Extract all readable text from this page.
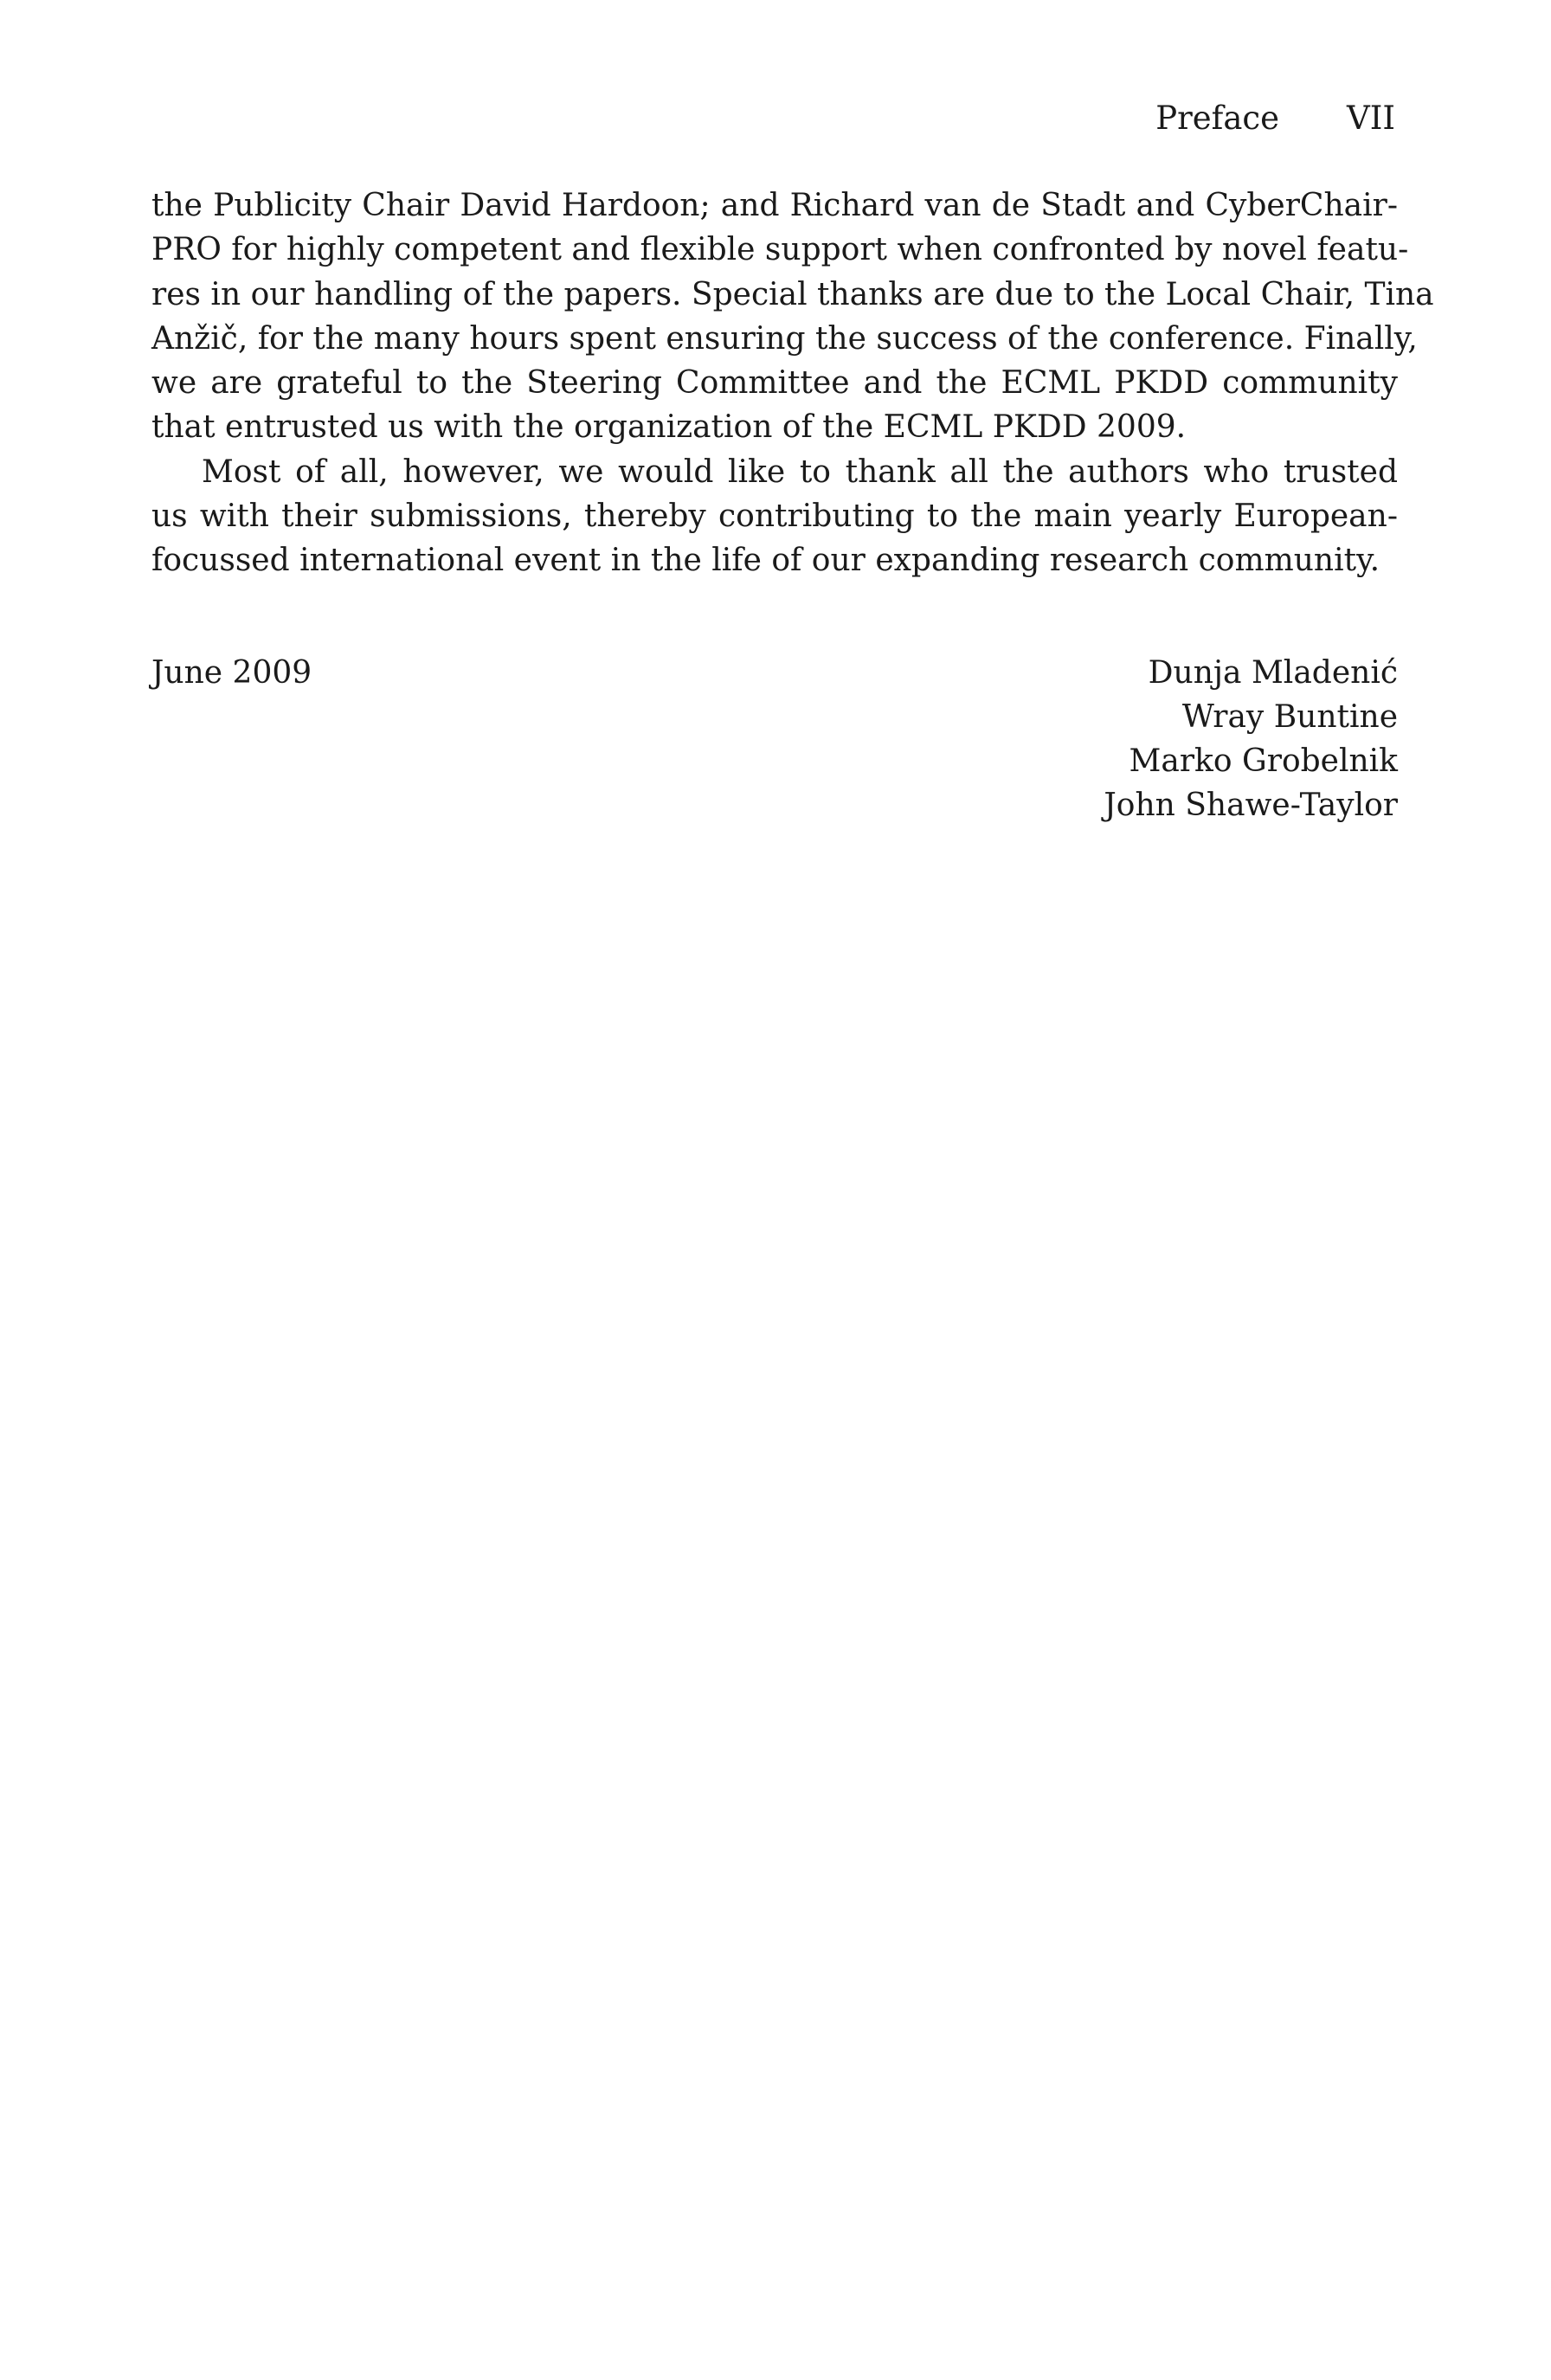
Preface VII

the Publicity Chair David Hardoon; and Richard van de Stadt and CyberChair-
PRO for highly competent and flexible support when confronted by novel featu-
res in our handling of the papers. Special thanks are due to the Local Chair, Tina
Anžič, for the many hours spent ensuring the success of the conference. Finally,
we are grateful to the Steering Committee and the ECML PKDD community
that entrusted us with the organization of the ECML PKDD 2009.

Most of all, however, we would like to thank all the authors who trusted
us with their submissions, thereby contributing to the main yearly European-
focussed international event in the life of our expanding research community.

June 2009	Dunja Mladenić
Wray Buntine
Marko Grobelnik
John Shawe-Taylor
